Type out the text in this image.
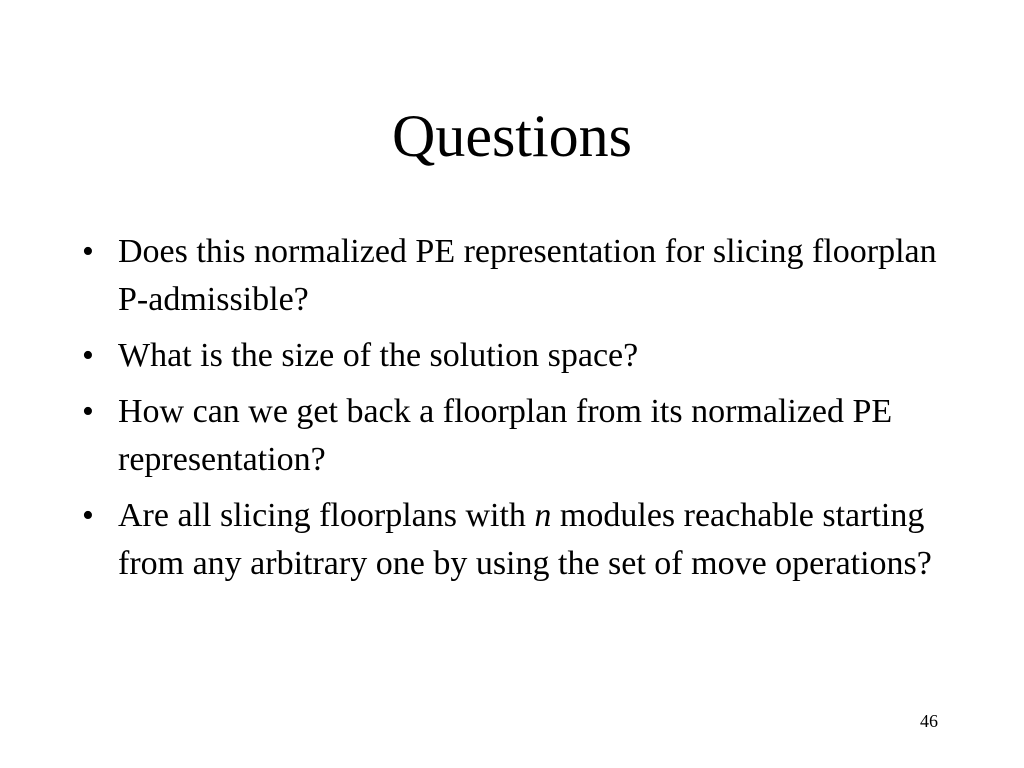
Questions
• Does this normalized PE representation for slicing floorplan P-admissible?
• What is the size of the solution space?
• How can we get back a floorplan from its normalized PE representation?
• Are all slicing floorplans with n modules reachable starting from any arbitrary one by using the set of move operations?
46
